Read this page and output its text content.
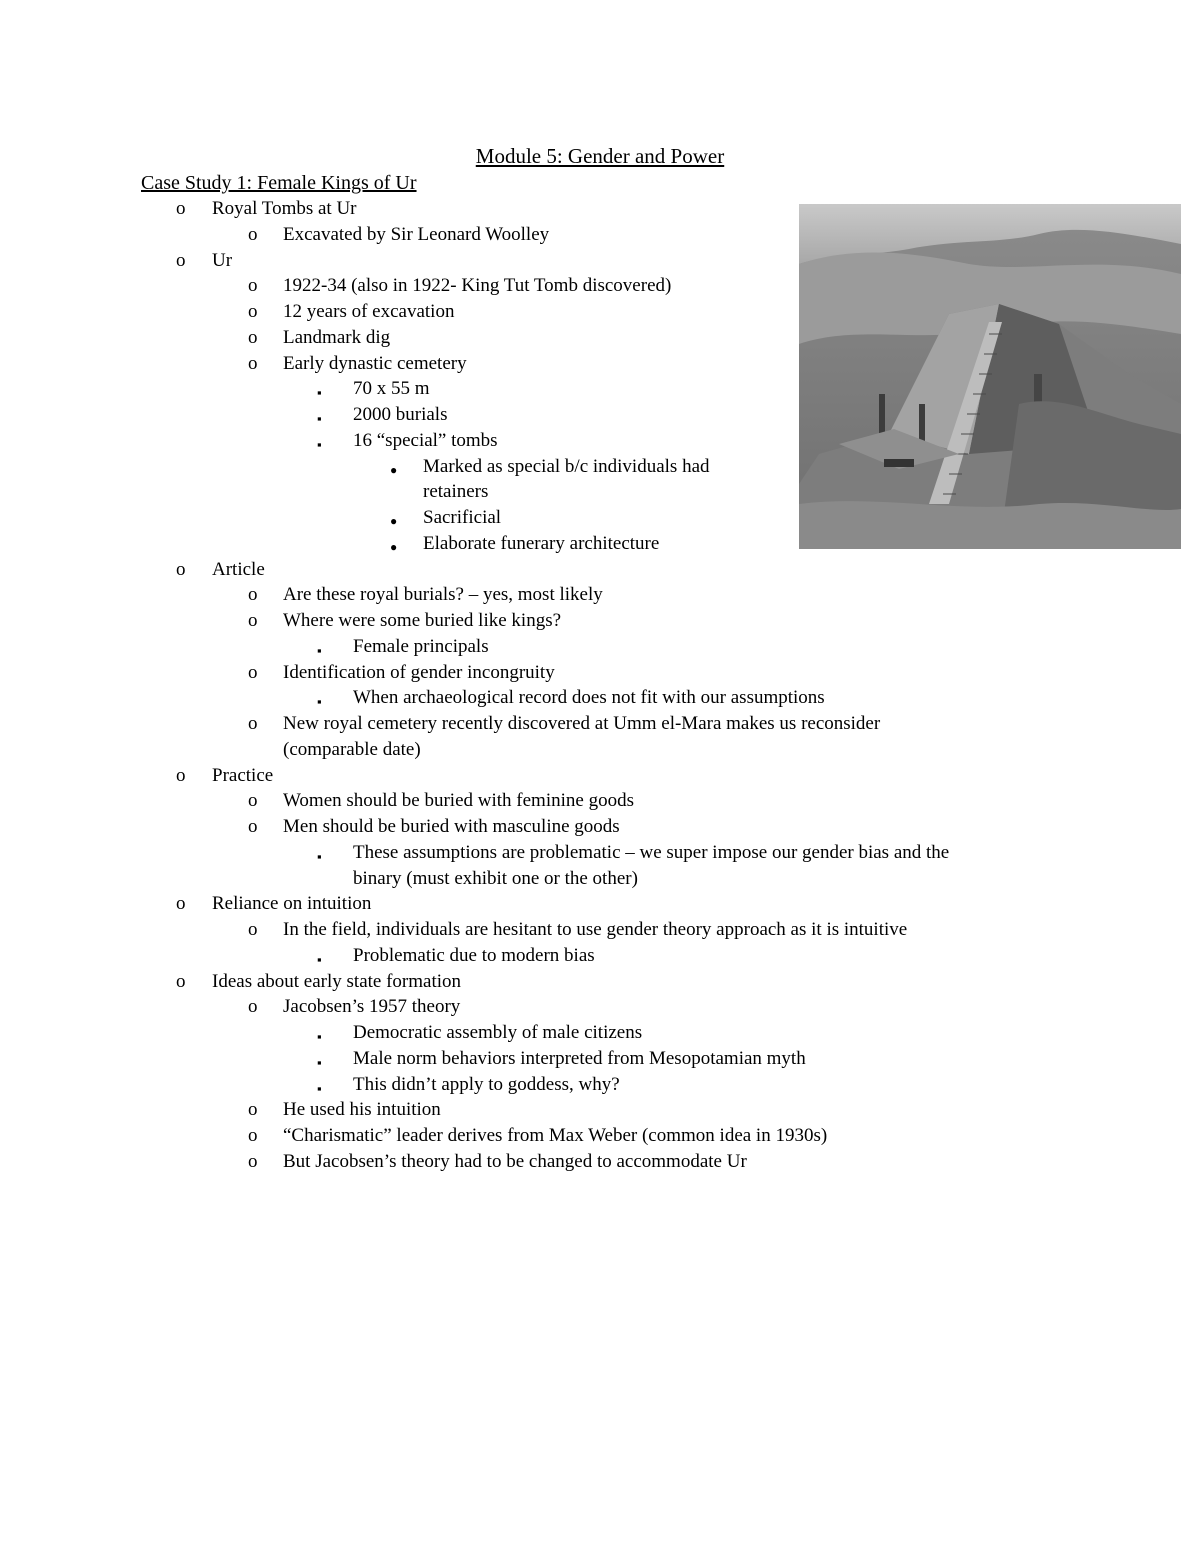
Module 5: Gender and Power
Case Study 1: Female Kings of Ur
o Royal Tombs at Ur
o Excavated by Sir Leonard Woolley
o Ur
o 1922-34 (also in 1922- King Tut Tomb discovered)
o 12 years of excavation
o Landmark dig
o Early dynastic cemetery
▪ 70 x 55 m
▪ 2000 burials
▪ 16 “special” tombs
● Marked as special b/c individuals had
retainers
● Sacrificial
● Elaborate funerary architecture
o Article
o Are these royal burials? – yes, most likely
o Where were some buried like kings?
▪ Female principals
o Identification of gender incongruity
▪ When archaeological record does not fit with our assumptions
o New royal cemetery recently discovered at Umm el-Mara makes us reconsider
(comparable date)
o Practice
o Women should be buried with feminine goods
o Men should be buried with masculine goods
▪ These assumptions are problematic – we super impose our gender bias and the
binary (must exhibit one or the other)
o Reliance on intuition
o In the field, individuals are hesitant to use gender theory approach as it is intuitive
▪ Problematic due to modern bias
o Ideas about early state formation
o Jacobsen’s 1957 theory
▪ Democratic assembly of male citizens
▪ Male norm behaviors interpreted from Mesopotamian myth
▪ This didn’t apply to goddess, why?
o He used his intuition
o “Charismatic” leader derives from Max Weber (common idea in 1930s)
o But Jacobsen’s theory had to be changed to accommodate Ur
